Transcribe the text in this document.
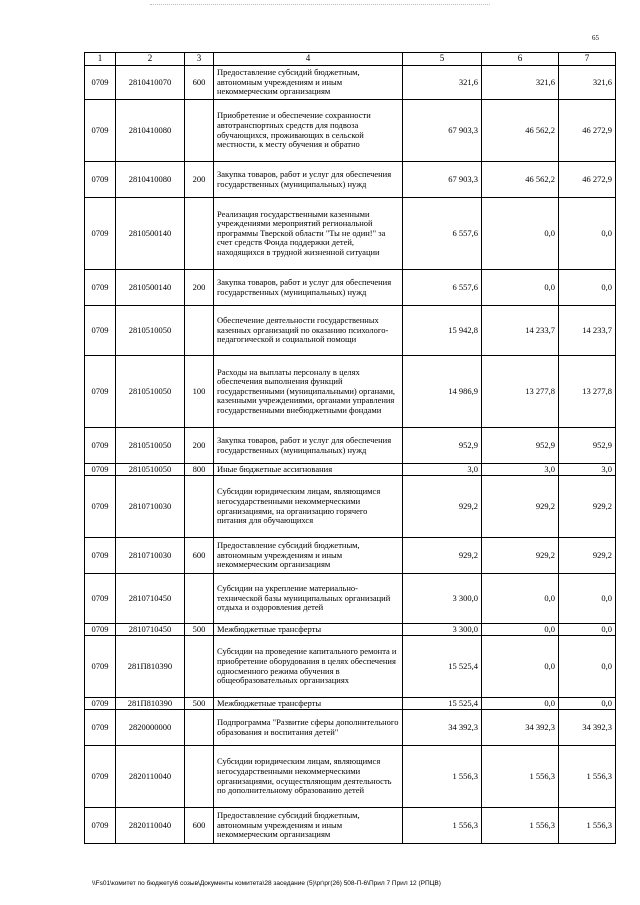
65
1	2	3	4	5	6	7
0709	2810410070	600	Предоставление субсидий бюджетным, автономным учреждениям и иным некоммерческим организациям	321,6	321,6	321,6
0709	2810410080		Приобретение и обеспечение сохранности автотранспортных средств для подвоза обучающихся, проживающих в сельской местности, к месту обучения и обратно	67 903,3	46 562,2	46 272,9
0709	2810410080	200	Закупка товаров, работ и услуг для обеспечения государственных (муниципальных) нужд	67 903,3	46 562,2	46 272,9
0709	2810500140		Реализация государственными казенными учреждениями мероприятий региональной программы Тверской области "Ты не один!" за счет средств Фонда поддержки детей, находящихся в трудной жизненной ситуации	6 557,6	0,0	0,0
0709	2810500140	200	Закупка товаров, работ и услуг для обеспечения государственных (муниципальных) нужд	6 557,6	0,0	0,0
0709	2810510050		Обеспечение деятельности государственных казенных организаций по оказанию психолого-педагогической и социальной помощи	15 942,8	14 233,7	14 233,7
0709	2810510050	100	Расходы на выплаты персоналу в целях обеспечения выполнения функций государственными (муниципальными) органами, казенными учреждениями, органами управления государственными внебюджетными фондами	14 986,9	13 277,8	13 277,8
0709	2810510050	200	Закупка товаров, работ и услуг для обеспечения государственных (муниципальных) нужд	952,9	952,9	952,9
0709	2810510050	800	Иные бюджетные ассигнования	3,0	3,0	3,0
0709	2810710030		Субсидии юридическим лицам, являющимся негосударственными некоммерческими организациями, на организацию горячего питания для обучающихся	929,2	929,2	929,2
0709	2810710030	600	Предоставление субсидий бюджетным, автономным учреждениям и иным некоммерческим организациям	929,2	929,2	929,2
0709	2810710450		Субсидии на укрепление материально-технической базы муниципальных организаций отдыха и оздоровления детей	3 300,0	0,0	0,0
0709	2810710450	500	Межбюджетные трансферты	3 300,0	0,0	0,0
0709	281П810390		Субсидии на проведение капитального ремонта и приобретение оборудования в целях обеспечения односменного режима обучения в общеобразовательных организациях	15 525,4	0,0	0,0
0709	281П810390	500	Межбюджетные трансферты	15 525,4	0,0	0,0
0709	2820000000		Подпрограмма "Развитие сферы дополнительного образования и воспитания детей"	34 392,3	34 392,3	34 392,3
0709	2820110040		Субсидии юридическим лицам, являющимся негосударственными некоммерческими организациями, осуществляющим деятельность по дополнительному образованию детей	1 556,3	1 556,3	1 556,3
0709	2820110040	600	Предоставление субсидий бюджетным, автономным учреждениям и иным некоммерческим организациям	1 556,3	1 556,3	1 556,3
\\Fs01\комитет по бюджету\6 созыв\Документы комитета\28 заседание (5)\рг\рг(26) 508-П-6\Прил 7 Прил 12 (РПЦВ)
